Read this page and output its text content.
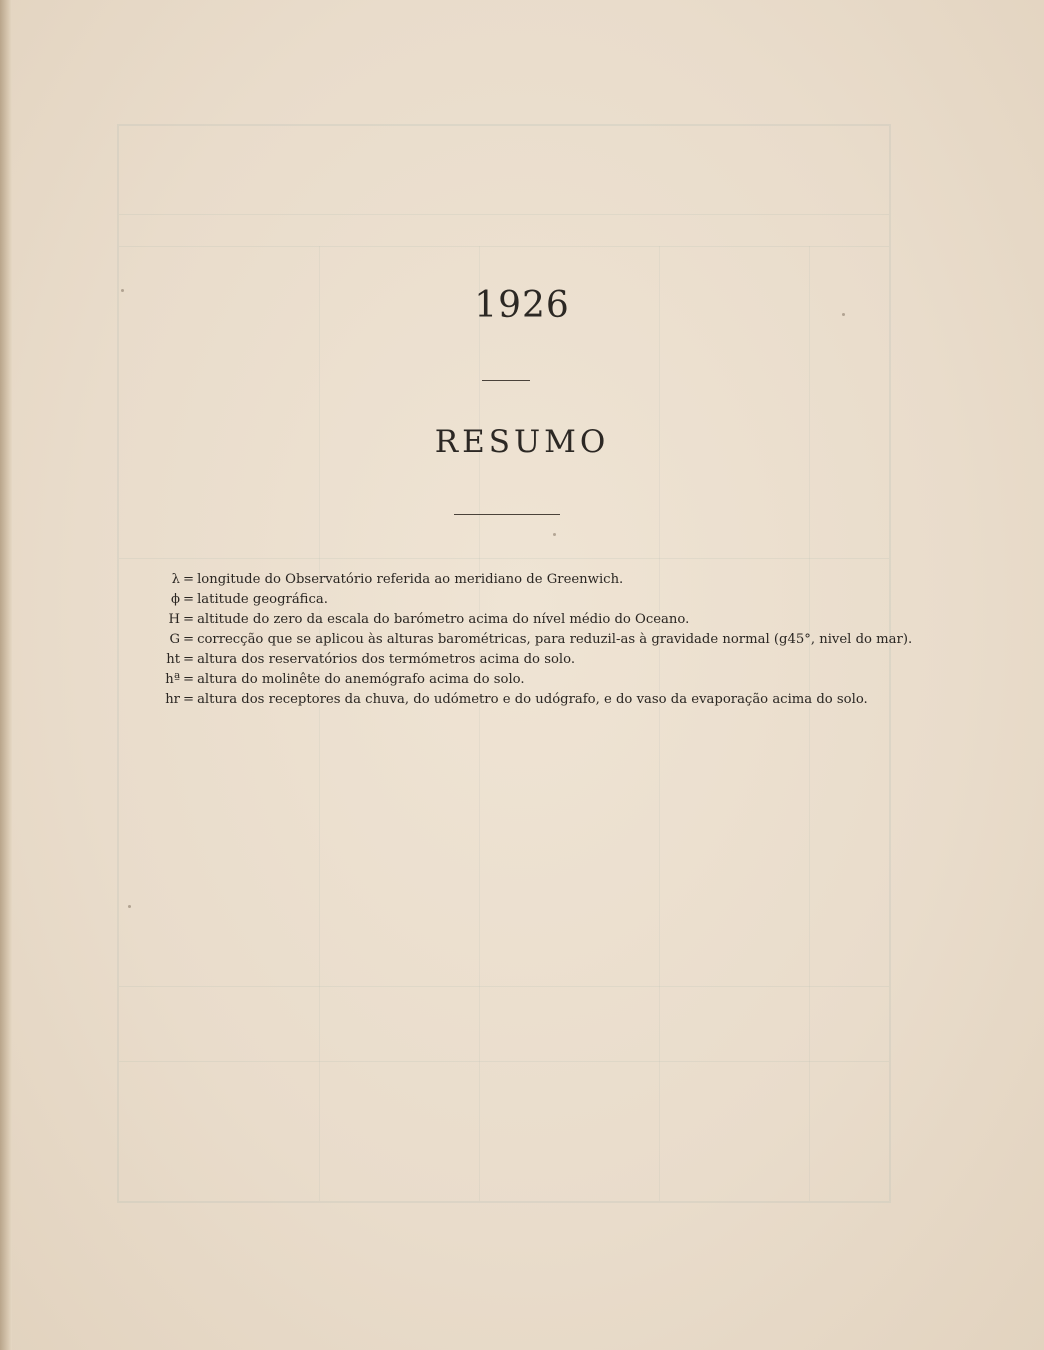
1926
RESUMO
λ = longitude do Observatório referida ao meridiano de Greenwich.
ϕ = latitude geográfica.
H = altitude do zero da escala do barómetro acima do nível médio do Oceano.
G = correcção que se aplicou às alturas barométricas, para reduzil-as à gravidade normal (g45°, nivel do mar).
ht = altura dos reservatórios dos termómetros acima do solo.
hª = altura do molinête do anemógrafo acima do solo.
hr = altura dos receptores da chuva, do udómetro e do udógrafo, e do vaso da evaporação acima do solo.
